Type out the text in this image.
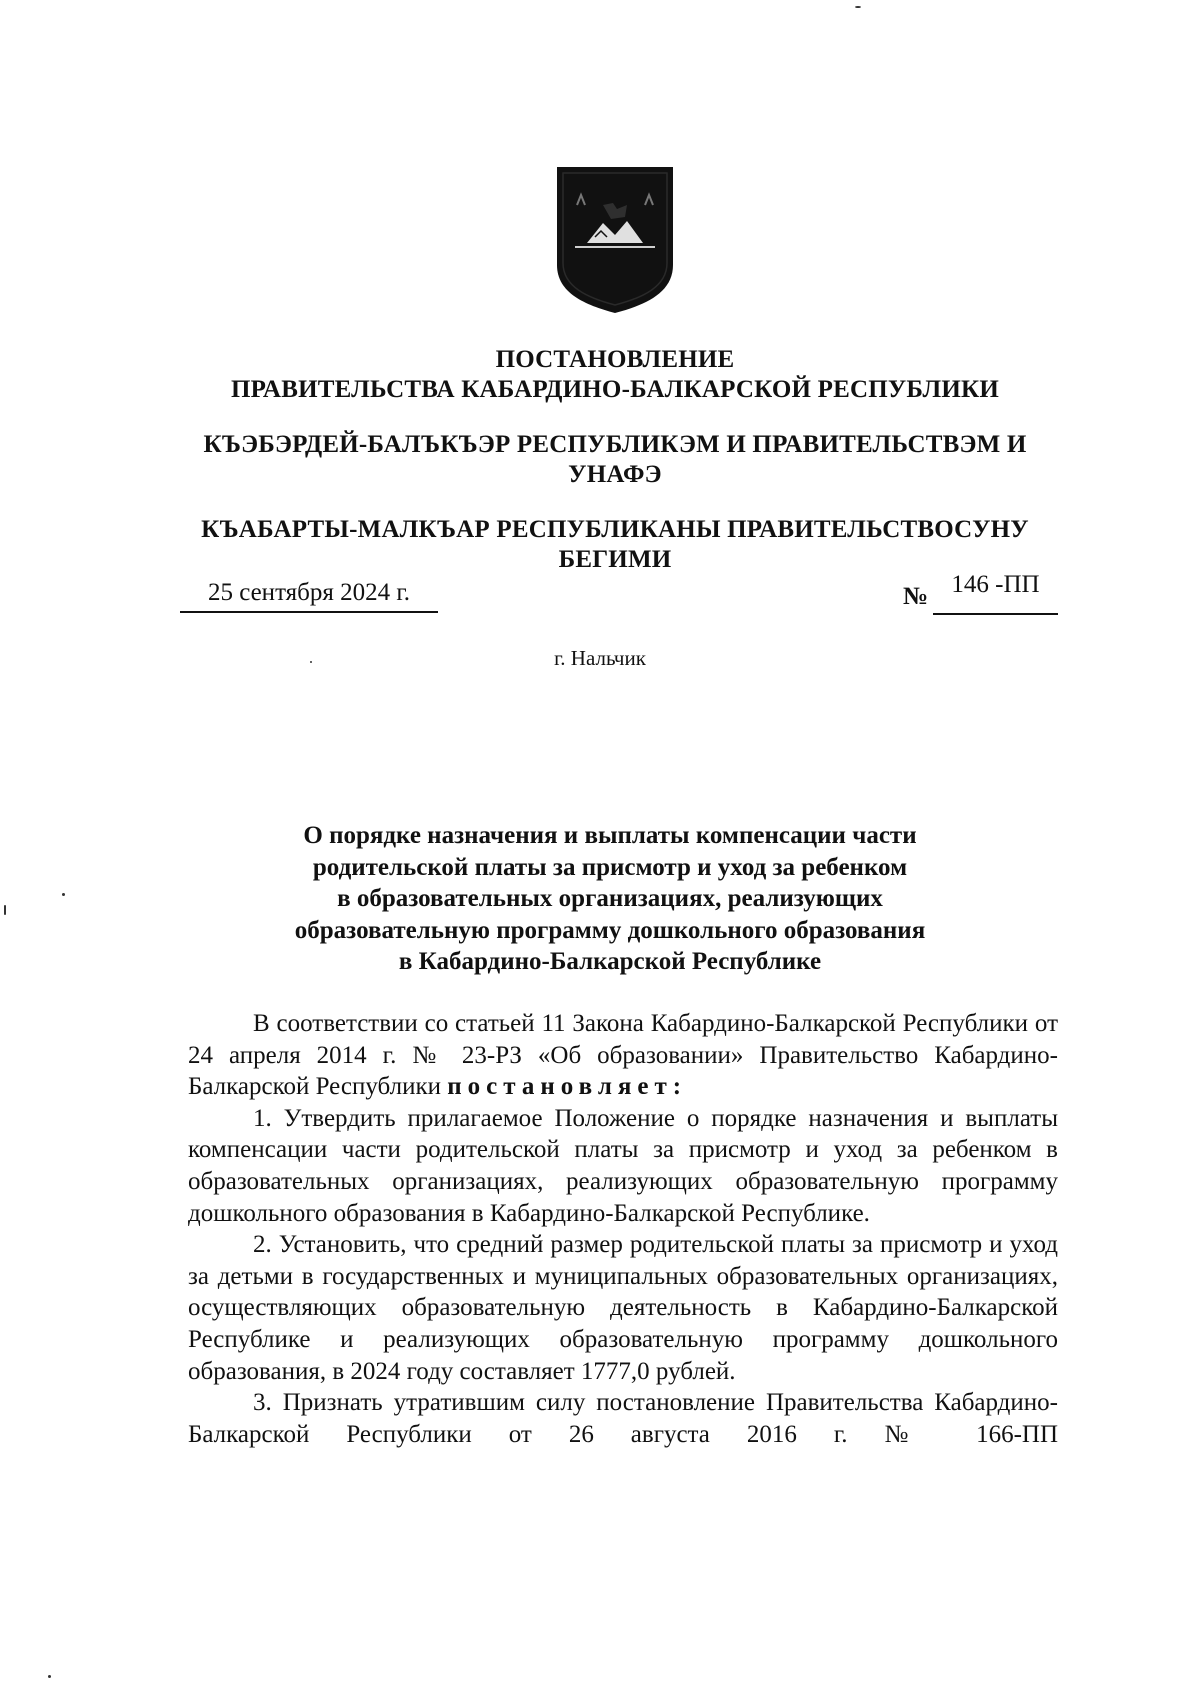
ПОСТАНОВЛЕНИЕ
ПРАВИТЕЛЬСТВА КАБАРДИНО-БАЛКАРСКОЙ РЕСПУБЛИКИ
КЪЭБЭРДЕЙ-БАЛЪКЪЭР РЕСПУБЛИКЭМ И ПРАВИТЕЛЬСТВЭМ И
УНАФЭ
КЪАБАРТЫ-МАЛКЪАР РЕСПУБЛИКАНЫ ПРАВИТЕЛЬСТВОСУНУ
БЕГИМИ
25 сентября 2024 г.	№ 146 -ПП
г. Нальчик
О порядке назначения и выплаты компенсации части
родительской платы за присмотр и уход за ребенком
в образовательных организациях, реализующих
образовательную программу дошкольного образования
в Кабардино-Балкарской Республике

В соответствии со статьей 11 Закона Кабардино-Балкарской Республики от 24 апреля 2014 г. № 23-РЗ «Об образовании» Правительство Кабардино-Балкарской Республики постановляет:

1. Утвердить прилагаемое Положение о порядке назначения и выплаты компенсации части родительской платы за присмотр и уход за ребенком в образовательных организациях, реализующих образовательную программу дошкольного образования в Кабардино-Балкарской Республике.

2. Установить, что средний размер родительской платы за присмотр и уход за детьми в государственных и муниципальных образовательных организациях, осуществляющих образовательную деятельность в Кабардино-Балкарской Республике и реализующих образовательную программу дошкольного образования, в 2024 году составляет 1777,0 рублей.

3. Признать утратившим силу постановление Правительства Кабардино-Балкарской Республики от 26 августа 2016 г. № 166-ПП
